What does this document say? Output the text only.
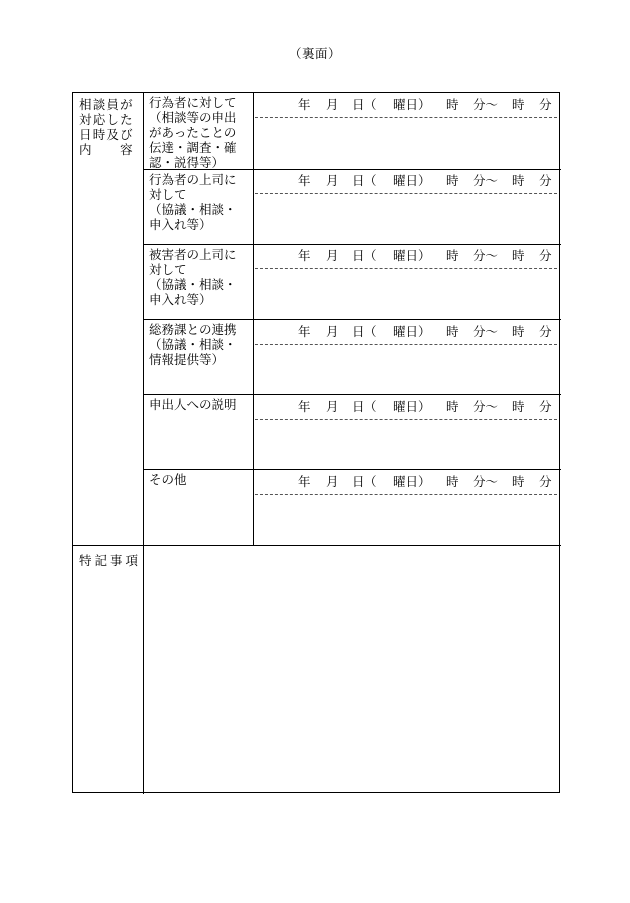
（裏面）
相談員が
対応した
日時及び
内　　容
行為者に対して
（相談等の申出
があったことの
伝達・調査・確
認・説得等）
行為者の上司に
対して
（協議・相談・
申入れ等）
被害者の上司に
対して
（協議・相談・
申入れ等）
総務課との連携
（協議・相談・
情報提供等）
申出人への説明
その他
年 月 日 （ 曜日） 時 分～ 時 分
年 月 日 （ 曜日） 時 分～ 時 分
年 月 日 （ 曜日） 時 分～ 時 分
年 月 日 （ 曜日） 時 分～ 時 分
年 月 日 （ 曜日） 時 分～ 時 分
年 月 日 （ 曜日） 時 分～ 時 分
特記事項
